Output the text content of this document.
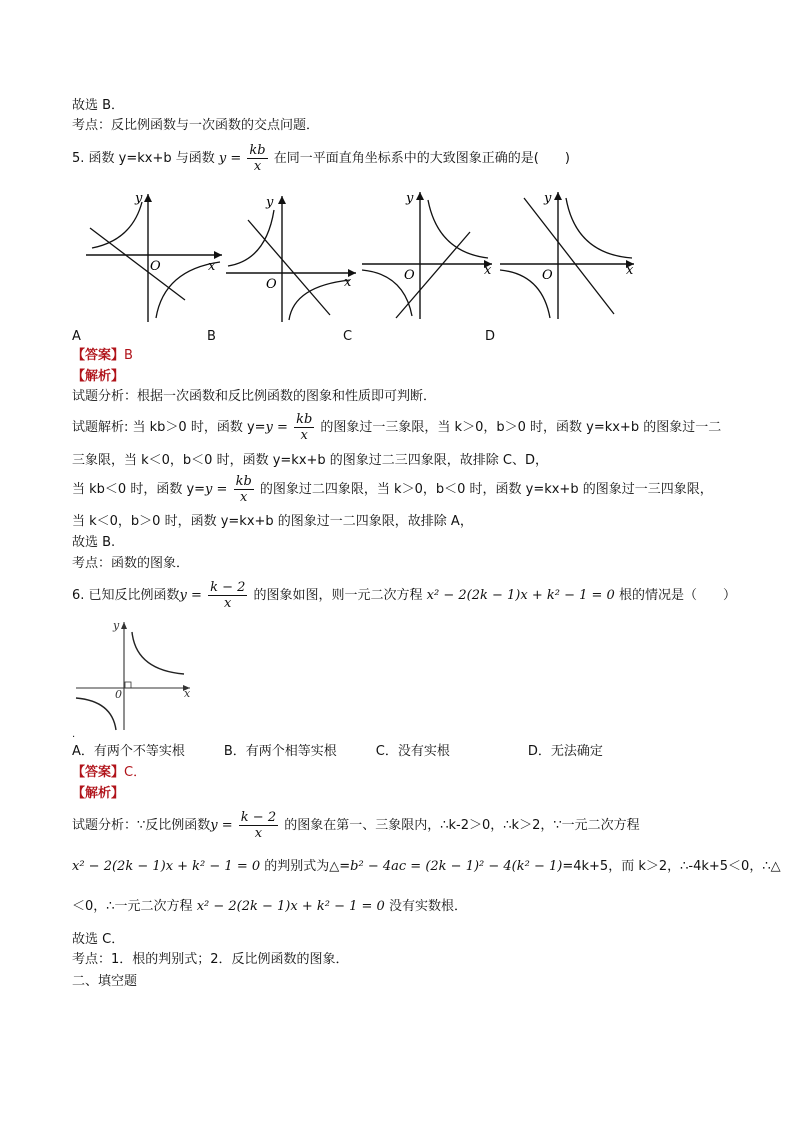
故选 B．
考点：反比例函数与一次函数的交点问题．
5. 函数 y=kx+b 与函数 $y = \frac{kb}{x}$ 在同一平面直角坐标系中的大致图象正确的是(　　)
x
y
O
x
y
O
x
y
O	x
y
O
A	B	C	D
【答案】B
【解析】
试题分析：根据一次函数和反比例函数的图象和性质即可判断．
试题解析: 当 kb＞0 时，函数 $y=y = \frac{kb}{x}$ 的图象过一三象限，当 k＞0，b＞0 时，函数 y=kx+b 的图象过一二
三象限，当 k＜0，b＜0 时，函数 y=kx+b 的图象过二三四象限，故排除 C、D，
当 kb＜0 时，函数 $y=y = \frac{kb}{x}$ 的图象过二四象限，当 k＞0，b＜0 时，函数 y=kx+b 的图象过一三四象限，
当 k＜0，b＞0 时，函数 y=kx+b 的图象过一二四象限，故排除 A，
故选 B.
考点：函数的图象．
6. 已知反比例函数$y = \frac{k - 2}{x}$ 的图象如图，则一元二次方程 x² − 2(2k − 1)x + k² − 1 = 0 根的情况是（　　）
x
y
0
.
A．有两个不等实根　　　B．有两个相等实根　　　C．没有实根　　　　　　D．无法确定
【答案】C．
【解析】
试题分析：∵反比例函数$y = \frac{k - 2}{x}$ 的图象在第一、三象限内，∴k-2＞0，∴k＞2，∵一元二次方程
x² − 2(2k − 1)x + k² − 1 = 0 的判别式为△=b² − 4ac = (2k − 1)² − 4(k² − 1)=4k+5，而 k＞2，∴-4k+5＜0，∴△
＜0，∴一元二次方程 x² − 2(2k − 1)x + k² − 1 = 0 没有实数根．
故选 C．
考点：1．根的判别式；2．反比例函数的图象．
二、填空题
